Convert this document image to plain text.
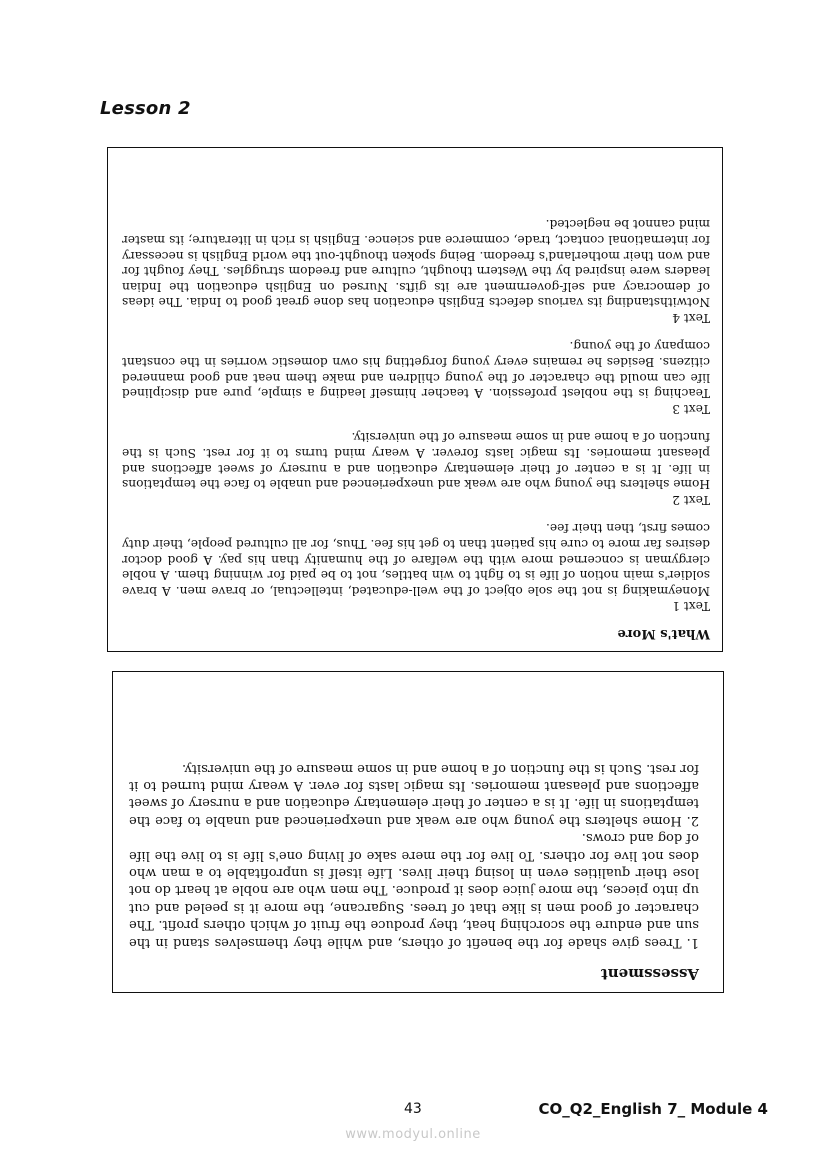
Lesson 2

What's More

Text 1

Moneymaking is not the sole object of the well-educated, intellectual, or brave men. A brave soldier's main notion of life is to fight to win battles, not to be paid for winning them. A noble clergyman is concerned more with the welfare of the humanity than his pay. A good doctor desires far more to cure his patient than to get his fee. Thus, for all cultured people, their duty comes first, then their fee.

Text 2

Home shelters the young who are weak and unexperienced and unable to face the temptations in life. It is a center of their elementary education and a nursery of sweet affections and pleasant memories. Its magic lasts forever. A weary mind turns to it for rest. Such is the function of a home and in some measure of the university.

Text 3

Teaching is the noblest profession. A teacher himself leading a simple, pure and disciplined life can mould the character of the young children and make them neat and good mannered citizens. Besides he remains every young forgetting his own domestic worries in the constant company of the young.

Text 4

Notwithstanding its various defects English education has done great good to India. The ideas of democracy and self-government are its gifts. Nursed on English education the Indian leaders were inspired by the Western thought, culture and freedom struggles. They fought for and won their motherland's freedom. Being spoken thought-out the world English is necessary for international contact, trade, commerce and science. English is rich in literature; its master mind cannot be neglected.

Assessment

1. Trees give shade for the benefit of others, and while they themselves stand in the sun and endure the scorching heat, they produce the fruit of which others profit. The character of good men is like that of trees. Sugarcane, the more it is peeled and cut up into pieces, the more juice does it produce. The men who are noble at heart do not lose their qualities even in losing their lives. Life itself is unprofitable to a man who does not live for others. To live for the mere sake of living one's life is to live the life of dog and crows.

2. Home shelters the young who are weak and unexperienced and unable to face the temptations in life. It is a center of their elementary education and a nursery of sweet affections and pleasant memories. Its magic lasts for ever. A weary mind turned to it for rest. Such is the function of a home and in some measure of the university.

43	CO_Q2_English 7_ Module 4
www.modyul.online
